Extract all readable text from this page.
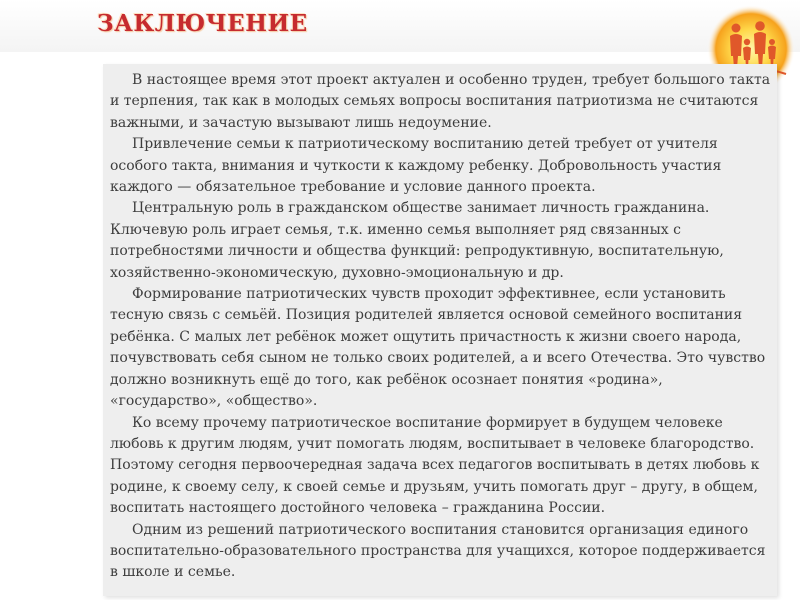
ЗАКЛЮЧЕНИЕ

В настоящее время этот проект актуален и особенно труден, требует большого такта и терпения, так как в молодых семьях вопросы воспитания патриотизма не считаются важными, и зачастую вызывают лишь недоумение.

Привлечение семьи к патриотическому воспитанию детей требует от учителя особого такта, внимания и чуткости к каждому ребенку. Добровольность участия каждого — обязательное требование и условие данного проекта.

Центральную роль в гражданском обществе занимает личность гражданина. Ключевую роль играет семья, т.к. именно семья выполняет ряд связанных с потребностями личности и общества функций: репродуктивную, воспитательную, хозяйственно-экономическую, духовно-эмоциональную и др.

Формирование патриотических чувств проходит эффективнее, если установить тесную связь с семьёй. Позиция родителей является основой семейного воспитания ребёнка. С малых лет ребёнок может ощутить причастность к жизни своего народа, почувствовать себя сыном не только своих родителей, а и всего Отечества. Это чувство должно возникнуть ещё до того, как ребёнок осознает понятия «родина», «государство», «общество».

Ко всему прочему патриотическое воспитание формирует в будущем человеке любовь к другим людям, учит помогать людям, воспитывает в человеке благородство. Поэтому сегодня первоочередная задача всех педагогов воспитывать в детях любовь к родине, к своему селу, к своей семье и друзьям, учить помогать друг – другу, в общем, воспитать настоящего достойного человека – гражданина России.

Одним из решений патриотического воспитания становится организация единого воспитательно-образовательного пространства для учащихся, которое поддерживается в школе и семье.
